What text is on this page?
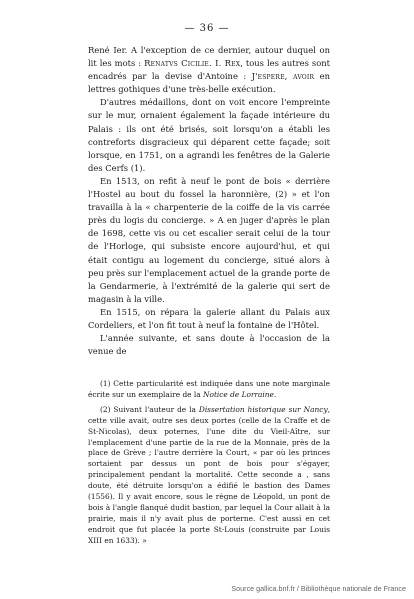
— 36 —

René Ier. A l'exception de ce dernier, autour duquel on lit les mots : Renatvs Cicilie. I. Rex, tous les autres sont encadrés par la devise d'Antoine : J'espere, avoir en lettres gothiques d'une très-belle exécution.

D'autres médaillons, dont on voit encore l'empreinte sur le mur, ornaient également la façade intérieure du Palais : ils ont été brisés, soit lorsqu'on a établi les contreforts disgracieux qui déparent cette façade; soit lorsque, en 1751, on a agrandi les fenêtres de la Galerie des Cerfs (1).

En 1513, on refit à neuf le pont de bois « derrière l'Hostel au bout du fossel la haronnière, (2) » et l'on travailla à la « charpenterie de la coiffe de la vis carrée près du logis du concierge. » A en juger d'après le plan de 1698, cette vis ou cet escalier serait celui de la tour de l'Horloge, qui subsiste encore aujourd'hui, et qui était contigu au logement du concierge, situé alors à peu près sur l'emplacement actuel de la grande porte de la Gendarmerie, à l'extrémité de la galerie qui sert de magasin à la ville.

En 1515, on répara la galerie allant du Palais aux Cordeliers, et l'on fit tout à neuf la fontaine de l'Hôtel.

L'année suivante, et sans doute à l'occasion de la venue de

(1) Cette particularité est indiquée dans une note marginale écrite sur un exemplaire de la Notice de Lorraine.

(2) Suivant l'auteur de la Dissertation historique sur Nancy, cette ville avait, outre ses deux portes (celle de la Craffe et de St-Nicolas), deux poternes, l'une dite du Vieil-Aître, sur l'emplacement d'une partie de la rue de la Monnaie, près de la place de Grève ; l'autre derrière la Court, « par où les princes sortaient par dessus un pont de bois pour s'égayer, principalement pendant la mortalité. Cette seconde a , sans doute, été détruite lorsqu'on a édifié le bastion des Dames (1556). Il y avait encore, sous le règne de Léopold, un pont de bois à l'angle flanqué dudit bastion, par lequel la Cour allait à la prairie, mais il n'y avait plus de porterne. C'est aussi en cet endroit que fut placée la porte St-Louis (construite par Louis XIII en 1633). »

Source gallica.bnf.fr / Bibliothèque nationale de France
